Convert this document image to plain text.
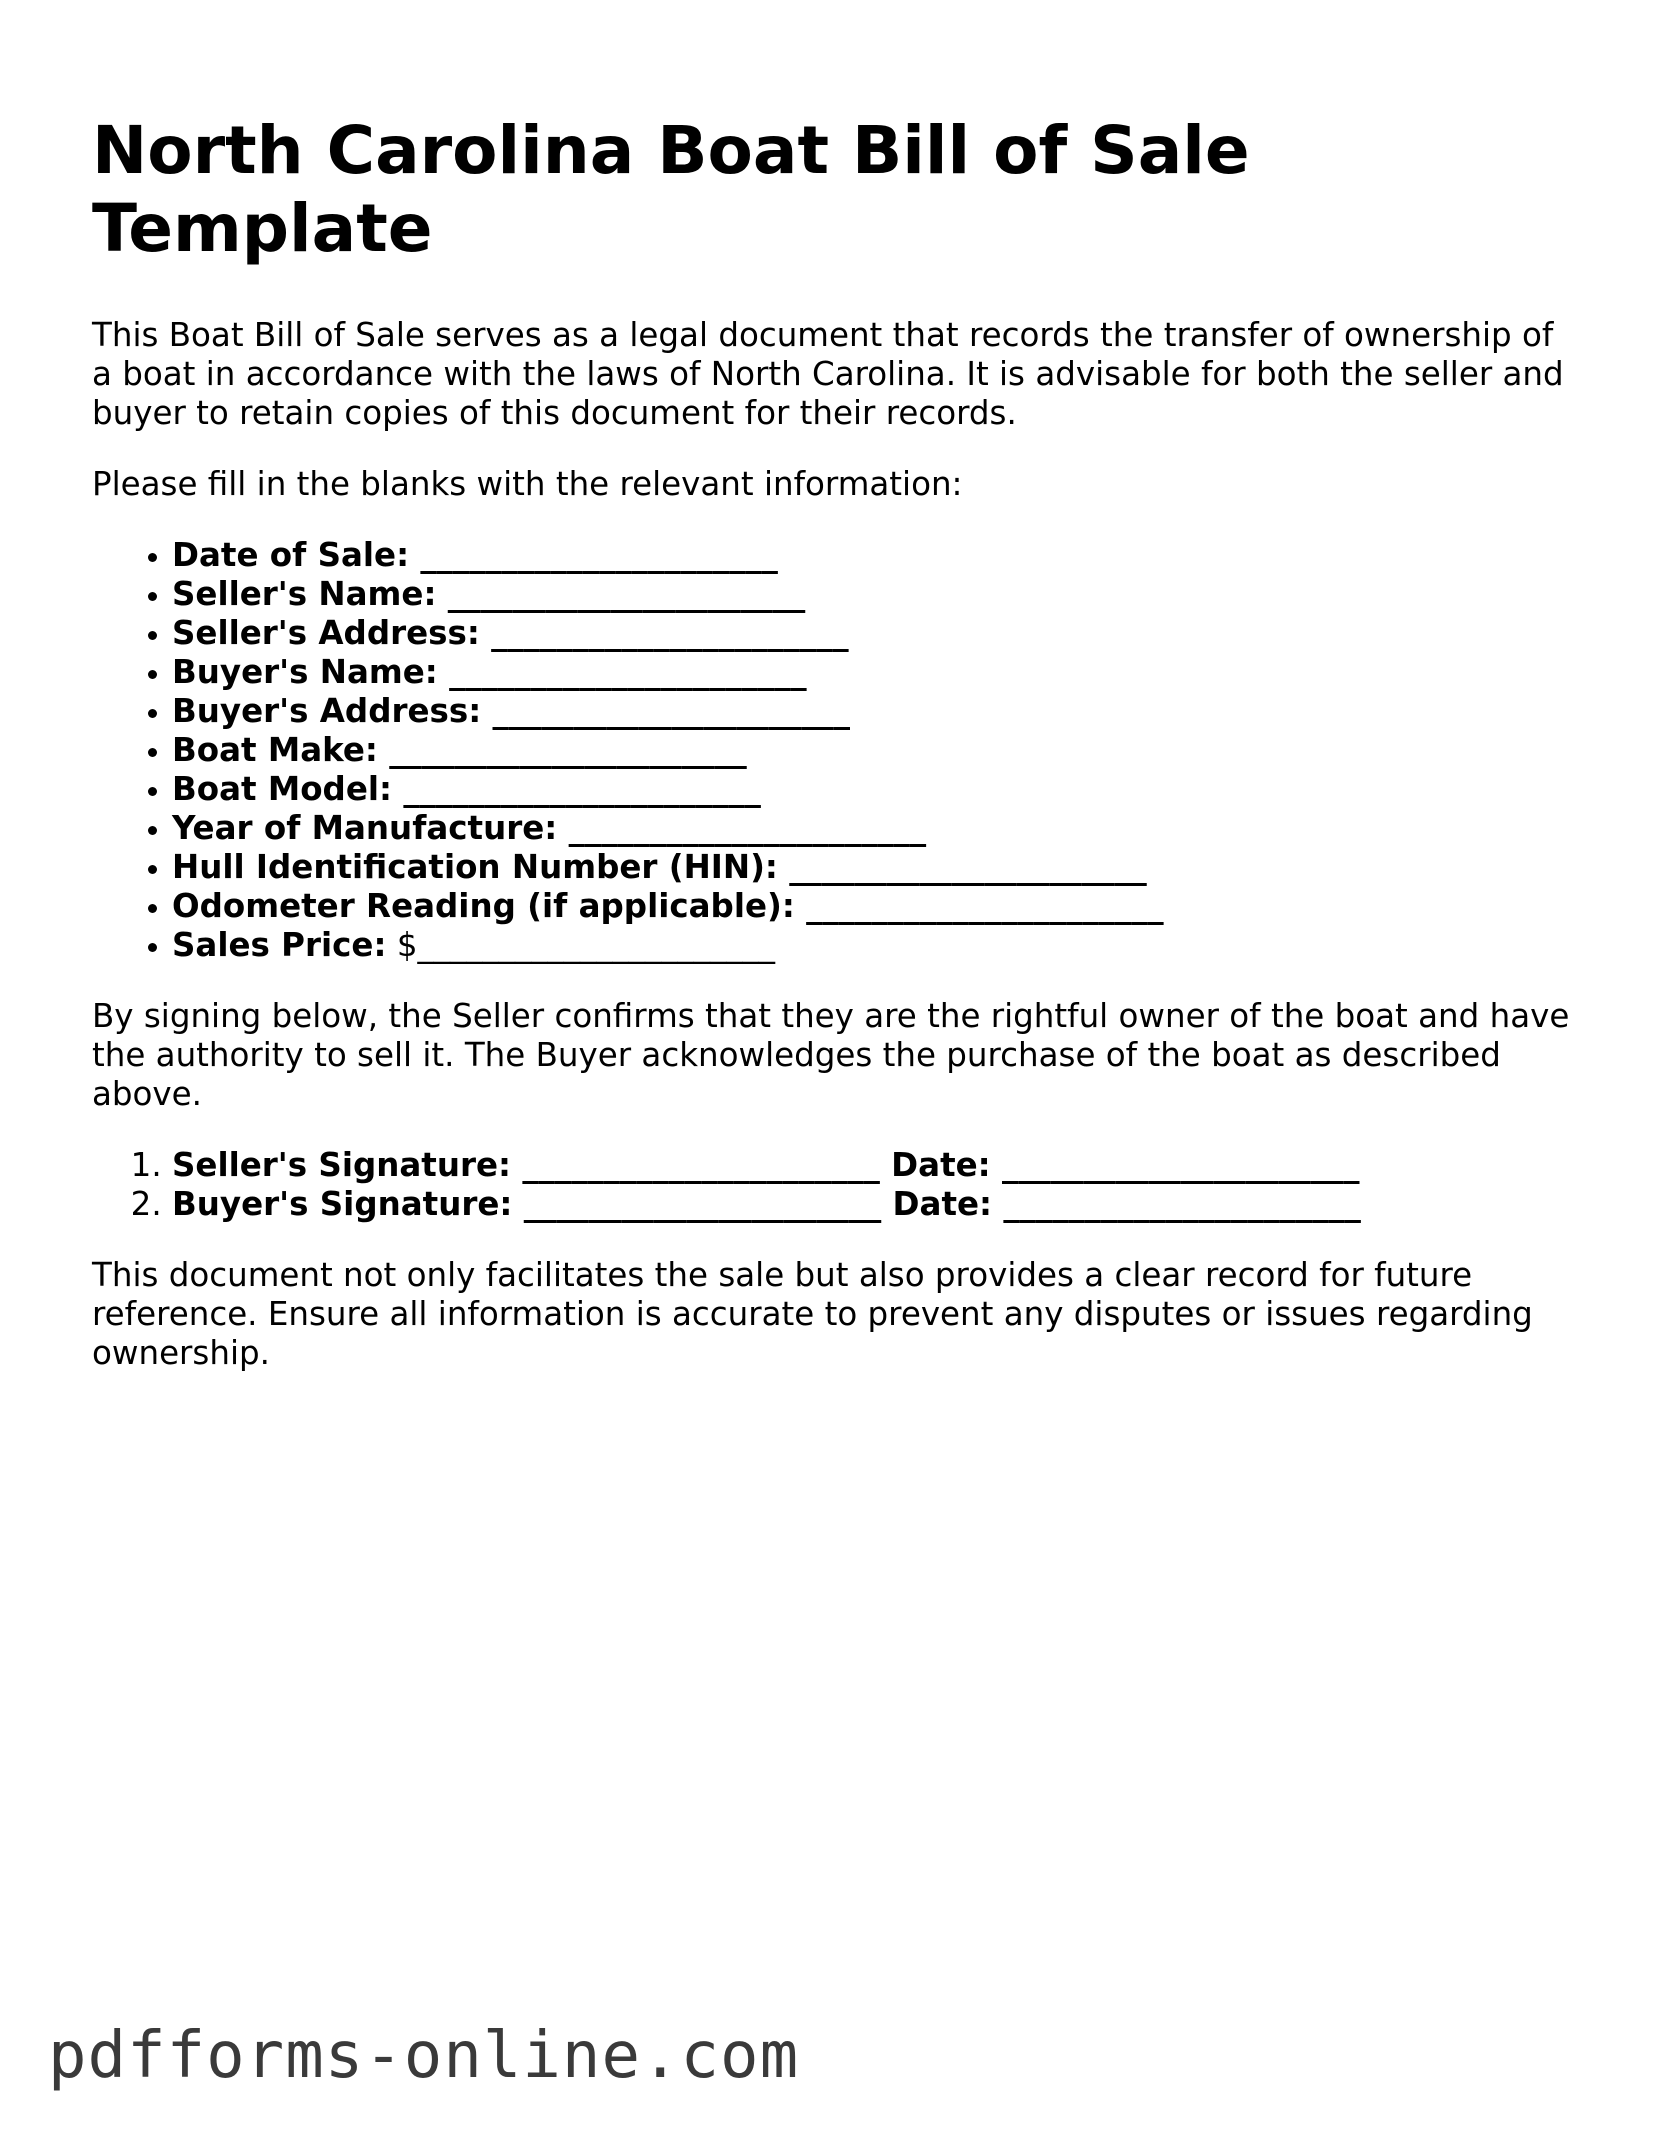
North Carolina Boat Bill of Sale Template

This Boat Bill of Sale serves as a legal document that records the transfer of ownership of a boat in accordance with the laws of North Carolina. It is advisable for both the seller and buyer to retain copies of this document for their records.

Please fill in the blanks with the relevant information:

• Date of Sale: ______________________
• Seller's Name: ______________________
• Seller's Address: ______________________
• Buyer's Name: ______________________
• Buyer's Address: ______________________
• Boat Make: ______________________
• Boat Model: ______________________
• Year of Manufacture: ______________________
• Hull Identification Number (HIN): ______________________
• Odometer Reading (if applicable): ______________________
• Sales Price: $______________________

By signing below, the Seller confirms that they are the rightful owner of the boat and have the authority to sell it. The Buyer acknowledges the purchase of the boat as described above.

1. Seller's Signature: ______________________ Date: ______________________
2. Buyer's Signature: ______________________ Date: ______________________

This document not only facilitates the sale but also provides a clear record for future reference. Ensure all information is accurate to prevent any disputes or issues regarding ownership.

pdfforms-online.com
